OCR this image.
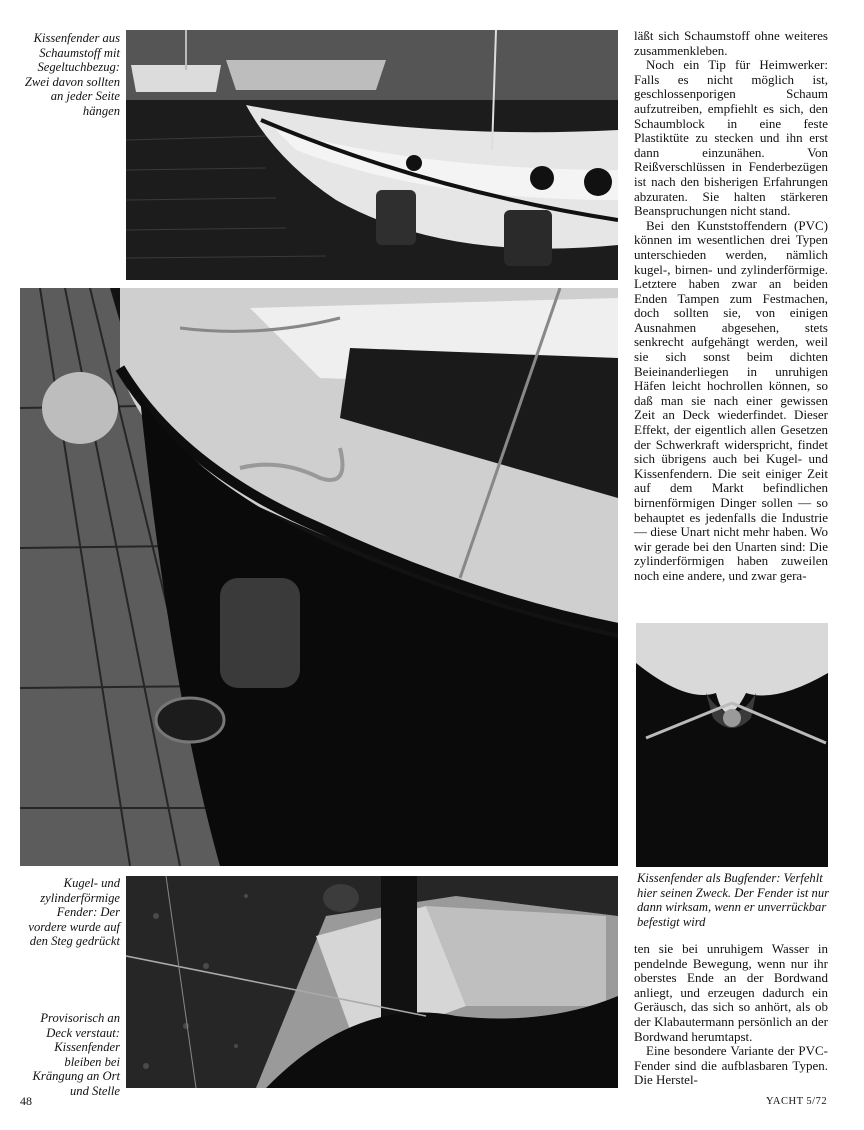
Kissenfender aus Schaumstoff mit Segeltuchbezug: Zwei davon sollten an jeder Seite hängen

läßt sich Schaumstoff ohne weiteres zusammenkleben.

Noch ein Tip für Heimwerker: Falls es nicht möglich ist, geschlossenporigen Schaum aufzutreiben, empfiehlt es sich, den Schaumblock in eine feste Plastiktüte zu stecken und ihn erst dann einzunähen. Von Reißverschlüssen in Fenderbezügen ist nach den bisherigen Erfahrungen abzuraten. Sie halten stärkeren Beanspruchungen nicht stand.

Bei den Kunststoffendern (PVC) können im wesentlichen drei Typen unterschieden werden, nämlich kugel-, birnen- und zylinderförmige. Letztere haben zwar an beiden Enden Tampen zum Festmachen, doch sollten sie, von einigen Ausnahmen abgesehen, stets senkrecht aufgehängt werden, weil sie sich sonst beim dichten Beieinanderliegen in unruhigen Häfen leicht hochrollen können, so daß man sie nach einer gewissen Zeit an Deck wiederfindet. Dieser Effekt, der eigentlich allen Gesetzen der Schwerkraft widerspricht, findet sich übrigens auch bei Kugel- und Kissenfendern. Die seit einiger Zeit auf dem Markt befindlichen birnenförmigen Dinger sollen — so behauptet es jedenfalls die Industrie — diese Unart nicht mehr haben. Wo wir gerade bei den Unarten sind: Die zylinderförmigen haben zuweilen noch eine andere, und zwar gera-

Kissenfender als Bugfender: Verfehlt hier seinen Zweck. Der Fender ist nur dann wirksam, wenn er unverrückbar befestigt wird

ten sie bei unruhigem Wasser in pendelnde Bewegung, wenn nur ihr oberstes Ende an der Bordwand anliegt, und erzeugen dadurch ein Geräusch, das sich so anhört, als ob der Klabautermann persönlich an der Bordwand herumtapst.

Eine besondere Variante der PVC-Fender sind die aufblasbaren Typen. Die Herstel-

Kugel- und zylinderförmige Fender: Der vordere wurde auf den Steg gedrückt
Provisorisch an Deck verstaut: Kissenfender bleiben bei Krängung an Ort und Stelle
48	YACHT 5/72
